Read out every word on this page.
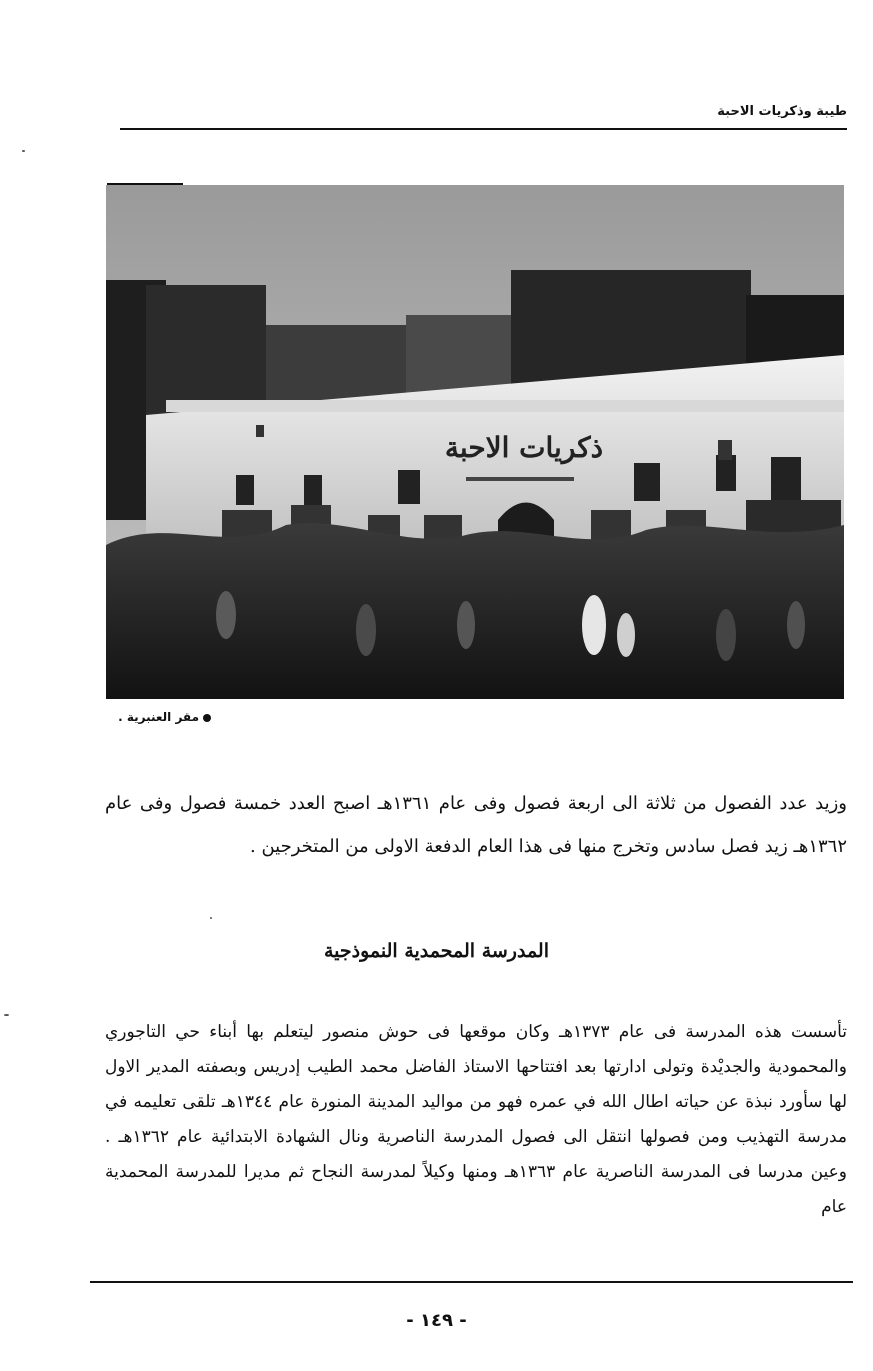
طيبة وذكريات الاحبة
ذكريات الاحبة
مقر العنبرية .

وزيد عدد الفصول من ثلاثة الى اربعة فصول وفى عام ١٣٦١هـ اصبح العدد خمسة فصول وفى عام ١٣٦٢هـ زيد فصل سادس وتخرج منها فى هذا العام الدفعة الاولى من المتخرجين .

المدرسة المحمدية النموذجية

تأسست هذه المدرسة فى عام ١٣٧٣هـ وكان موقعها فى حوش منصور ليتعلم بها أبناء حي التاجوري والمحمودية والجديْدة وتولى ادارتها بعد افتتاحها الاستاذ الفاضل محمد الطيب إدريس وبصفته المدير الاول لها سأورد نبذة عن حياته اطال الله في عمره فهو من مواليد المدينة المنورة عام ١٣٤٤هـ تلقى تعليمه في مدرسة التهذيب ومن فصولها انتقل الى فصول المدرسة الناصرية ونال الشهادة الابتدائية عام ١٣٦٢هـ . وعين مدرسا فى المدرسة الناصرية عام ١٣٦٣هـ ومنها وكيلاً لمدرسة النجاح ثم مديرا للمدرسة المحمدية عام

- ١٤٩ -
